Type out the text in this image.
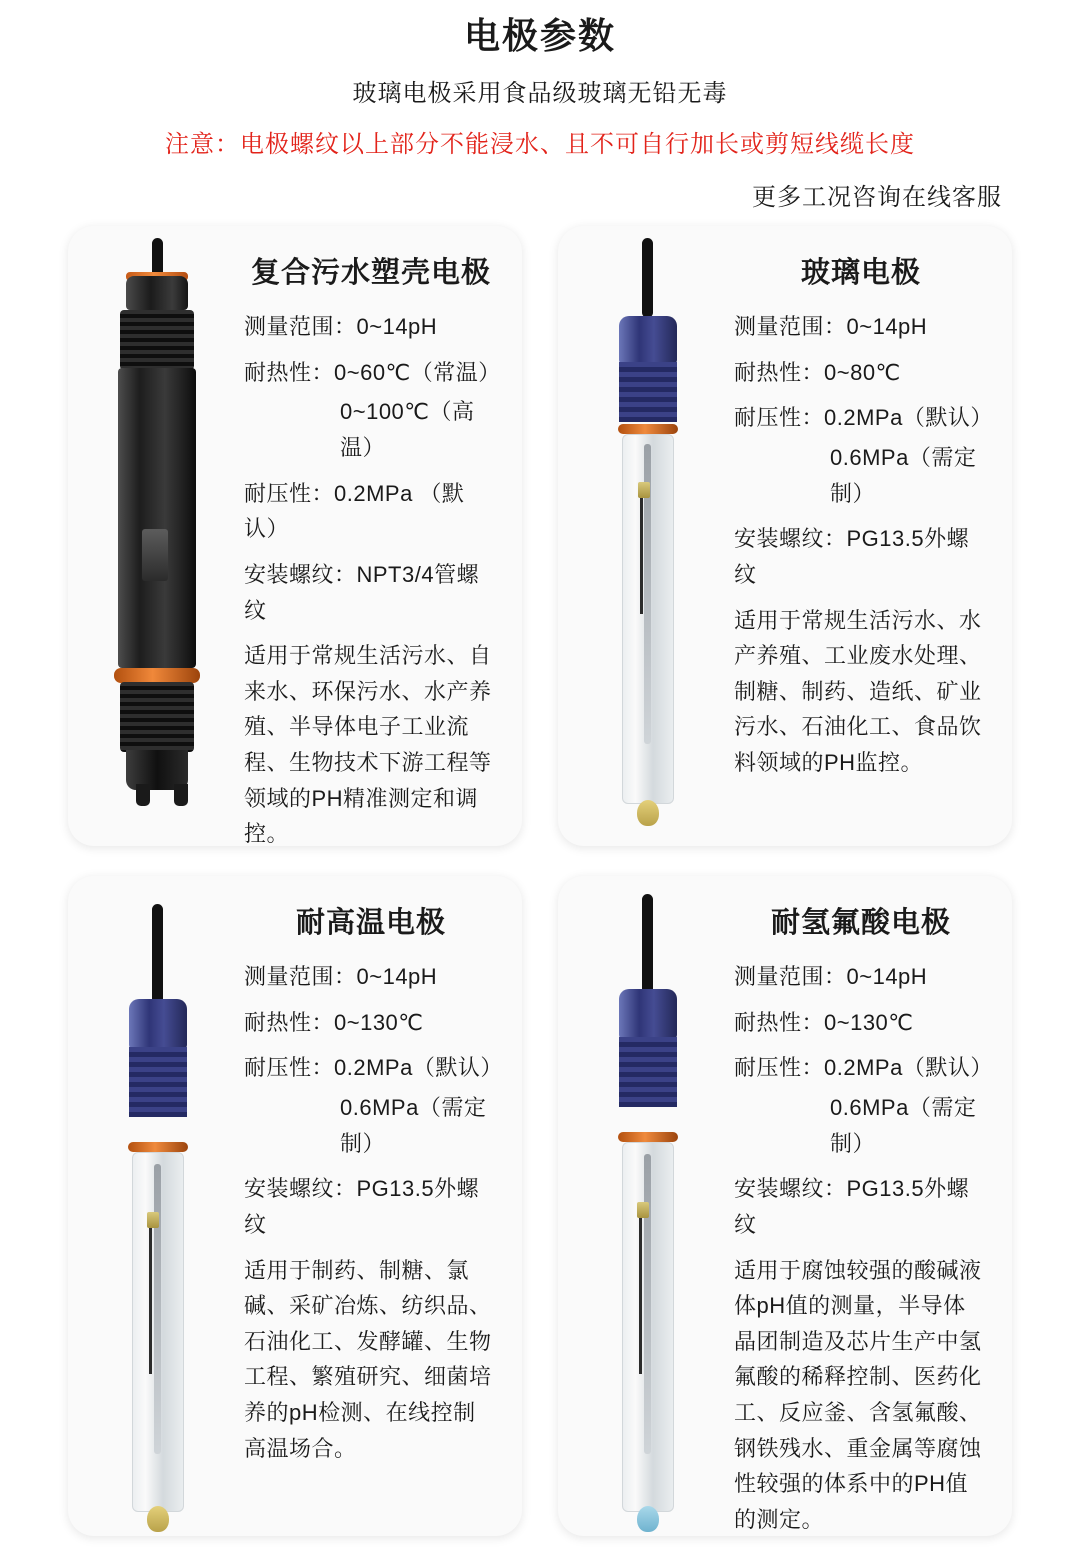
电极参数
玻璃电极采用食品级玻璃无铅无毒
注意：电极螺纹以上部分不能浸水、且不可自行加长或剪短线缆长度
更多工况咨询在线客服
复合污水塑壳电极
测量范围：0~14pH
耐热性：0~60℃（常温）
0~100℃（高温）
耐压性：0.2MPa （默认）
安装螺纹：NPT3/4管螺纹
适用于常规生活污水、自来水、环保污水、水产养殖、半导体电子工业流程、生物技术下游工程等领域的PH精准测定和调控。
玻璃电极
测量范围：0~14pH
耐热性：0~80℃
耐压性：0.2MPa（默认）
0.6MPa（需定制）
安装螺纹：PG13.5外螺纹
适用于常规生活污水、水产养殖、工业废水处理、制糖、制药、造纸、矿业污水、石油化工、食品饮料领域的PH监控。
耐高温电极
测量范围：0~14pH
耐热性：0~130℃
耐压性：0.2MPa（默认）
0.6MPa（需定制）
安装螺纹：PG13.5外螺纹
适用于制药、制糖、氯碱、采矿冶炼、纺织品、石油化工、发酵罐、生物工程、繁殖研究、细菌培养的pH检测、在线控制高温场合。
耐氢氟酸电极
测量范围：0~14pH
耐热性：0~130℃
耐压性：0.2MPa（默认）
0.6MPa（需定制）
安装螺纹：PG13.5外螺纹
适用于腐蚀较强的酸碱液体pH值的测量，半导体晶团制造及芯片生产中氢氟酸的稀释控制、医药化工、反应釜、含氢氟酸、钢铁残水、重金属等腐蚀性较强的体系中的PH值的测定。
